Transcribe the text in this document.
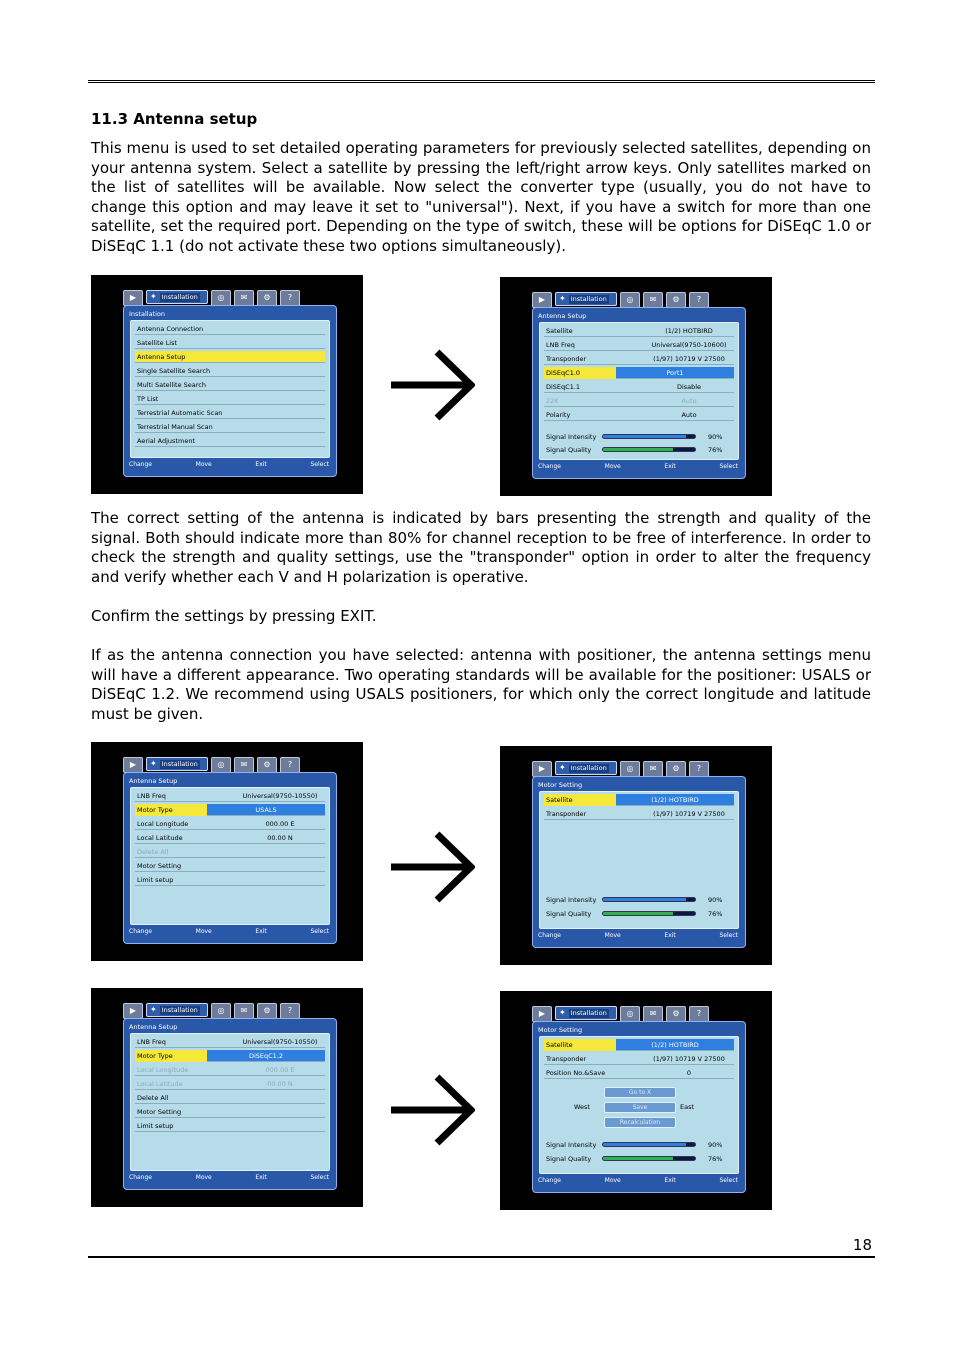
11.3 Antenna setup

This menu is used to set detailed operating parameters for previously selected satellites, depending on your antenna system. Select a satellite by pressing the left/right arrow keys. Only satellites marked on the list of satellites will be available. Now select the converter type (usually, you do not have to change this option and may leave it set to "universal"). Next, if you have a switch for more than one satellite, set the required port. Depending on the type of switch, these will be options for DiSEqC 1.0 or DiSEqC 1.1 (do not activate these two options simultaneously).

▶	✦ Installation	◎	✉	⚙	?
Installation
Antenna Connection
Satellite List
Antenna Setup
Single Satellite Search
Multi Satellite Search
TP List
Terrestrial Automatic Scan
Terrestrial Manual Scan
Aerial Adjustment
Change	Move	Exit	Select
▶	✦ Installation	◎	✉	⚙	?
Antenna Setup
Satellite	(1/2) HOTBIRD
LNB Freq	Universal(9750-10600)
Transponder	(1/97) 10719 V 27500
DiSEqC1.0	Port1
DiSEqC1.1	Disable
22K	Auto
Polarity	Auto
Signal Intensity	90%
Signal Quality	76%
Change	Move	Exit	Select

The correct setting of the antenna is indicated by bars presenting the strength and quality of the signal. Both should indicate more than 80% for channel reception to be free of interference. In order to check the strength and quality settings, use the "transponder" option in order to alter the frequency and verify whether each V and H polarization is operative.

Confirm the settings by pressing EXIT.

If as the antenna connection you have selected: antenna with positioner, the antenna settings menu will have a different appearance. Two operating standards will be available for the positioner: USALS or DiSEqC 1.2. We recommend using USALS positioners, for which only the correct longitude and latitude must be given.

▶	✦ Installation	◎	✉	⚙	?
Antenna Setup
LNB Freq	Universal(9750-10550)
Motor Type	USALS
Local Longitude	000.00 E
Local Latitude	00.00 N
Delete All
Motor Setting
Limit setup
Change	Move	Exit	Select
▶	✦ Installation	◎	✉	⚙	?
Motor Setting
Satellite	(1/2) HOTBIRD
Transponder	(1/97) 10719 V 27500
Signal Intensity	90%
Signal Quality	76%
Change	Move	Exit	Select
▶	✦ Installation	◎	✉	⚙	?
Antenna Setup
LNB Freq	Universal(9750-10550)
Motor Type	DiSEqC1.2
Local Longitude	000.00 E
Local Latitude	00.00 N
Delete All
Motor Setting
Limit setup
Change	Move	Exit	Select
▶	✦ Installation	◎	✉	⚙	?
Motor Setting
Satellite	(1/2) HOTBIRD
Transponder	(1/97) 10719 V 27500
Position No.&Save	0
Go to X
Save
Recalculation
West	East
Signal Intensity	90%
Signal Quality	76%
Change	Move	Exit	Select
18
